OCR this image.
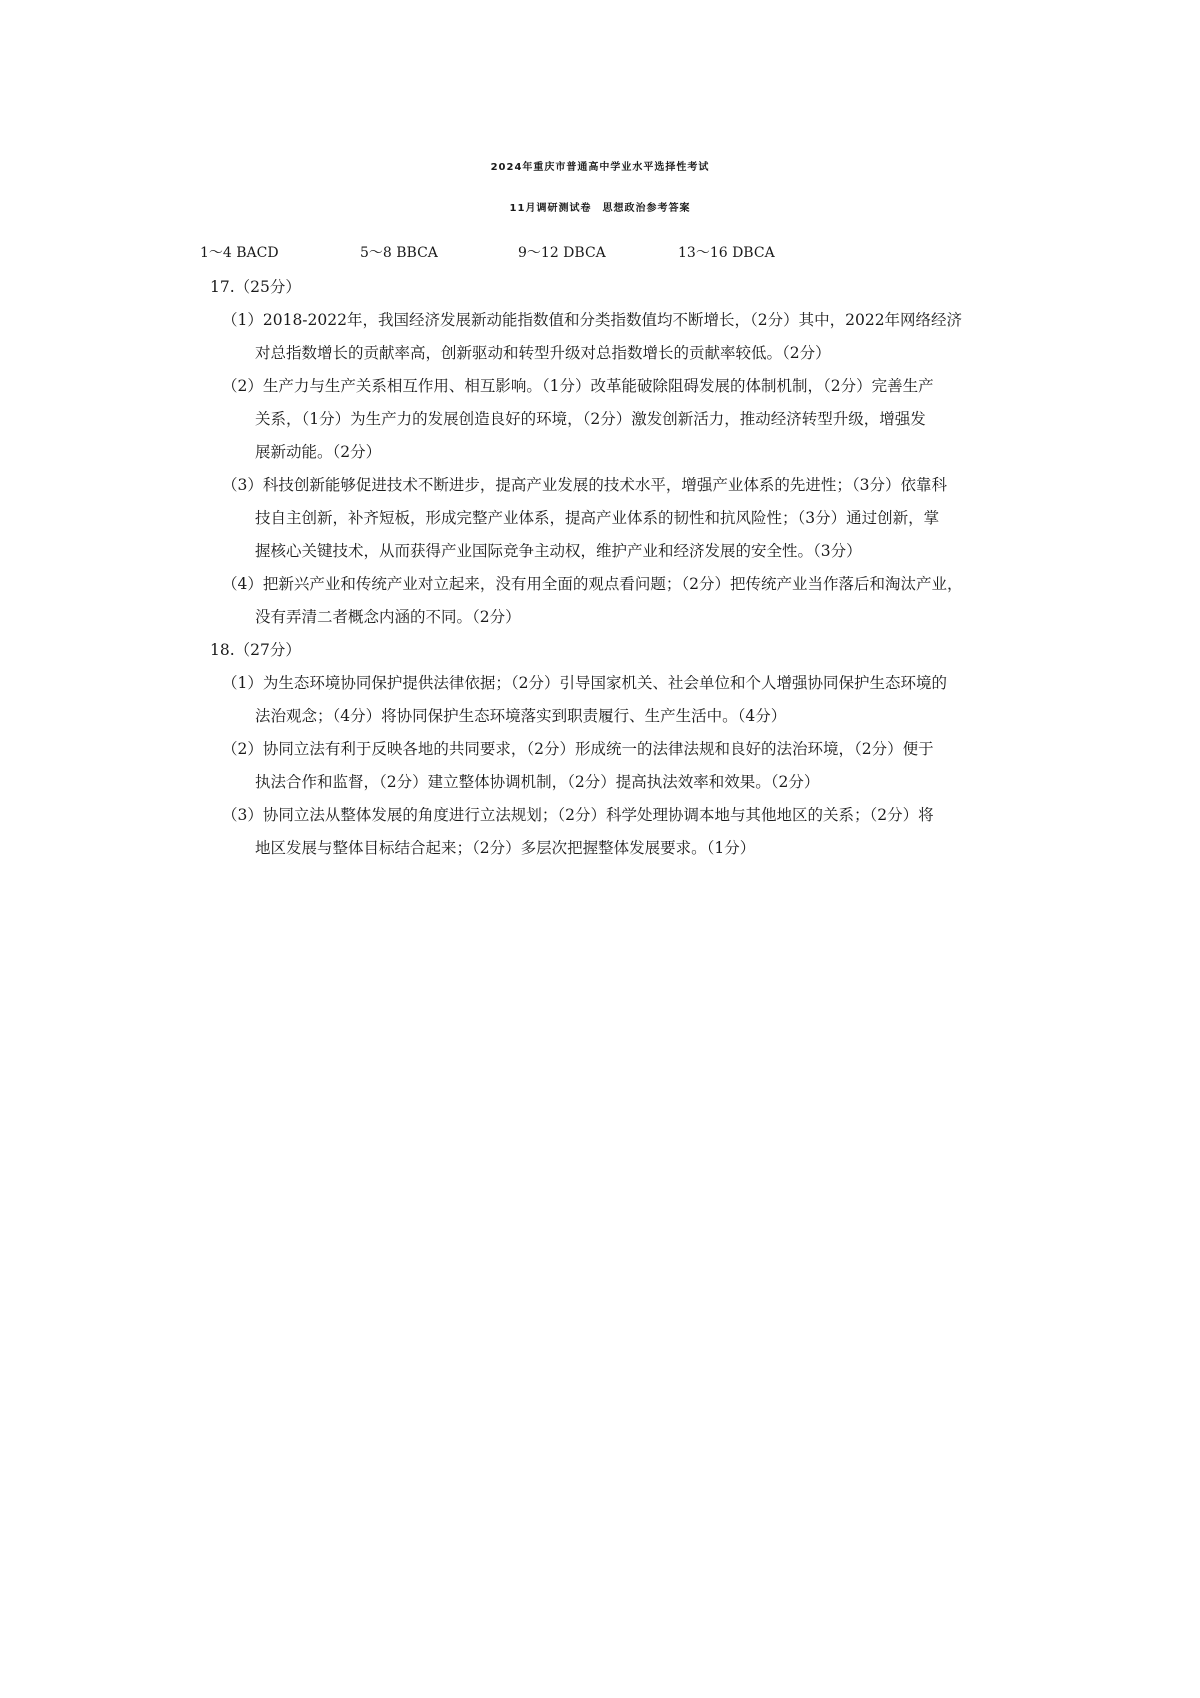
2024年重庆市普通高中学业水平选择性考试
11月调研测试卷　思想政治参考答案
1～4 BACD	5～8 BBCA	9～12 DBCA	13～16 DBCA
17.（25分）
（1）2018-2022年，我国经济发展新动能指数值和分类指数值均不断增长，（2分）其中，2022年网络经济
对总指数增长的贡献率高，创新驱动和转型升级对总指数增长的贡献率较低。（2分）
（2）生产力与生产关系相互作用、相互影响。（1分）改革能破除阻碍发展的体制机制，（2分）完善生产
关系，（1分）为生产力的发展创造良好的环境，（2分）激发创新活力，推动经济转型升级，增强发
展新动能。（2分）
（3）科技创新能够促进技术不断进步，提高产业发展的技术水平，增强产业体系的先进性；（3分）依靠科
技自主创新，补齐短板，形成完整产业体系，提高产业体系的韧性和抗风险性；（3分）通过创新，掌
握核心关键技术，从而获得产业国际竞争主动权，维护产业和经济发展的安全性。（3分）
（4）把新兴产业和传统产业对立起来，没有用全面的观点看问题；（2分）把传统产业当作落后和淘汰产业，
没有弄清二者概念内涵的不同。（2分）
18.（27分）
（1）为生态环境协同保护提供法律依据；（2分）引导国家机关、社会单位和个人增强协同保护生态环境的
法治观念；（4分）将协同保护生态环境落实到职责履行、生产生活中。（4分）
（2）协同立法有利于反映各地的共同要求，（2分）形成统一的法律法规和良好的法治环境，（2分）便于
执法合作和监督，（2分）建立整体协调机制，（2分）提高执法效率和效果。（2分）
（3）协同立法从整体发展的角度进行立法规划；（2分）科学处理协调本地与其他地区的关系；（2分）将
地区发展与整体目标结合起来；（2分）多层次把握整体发展要求。（1分）
